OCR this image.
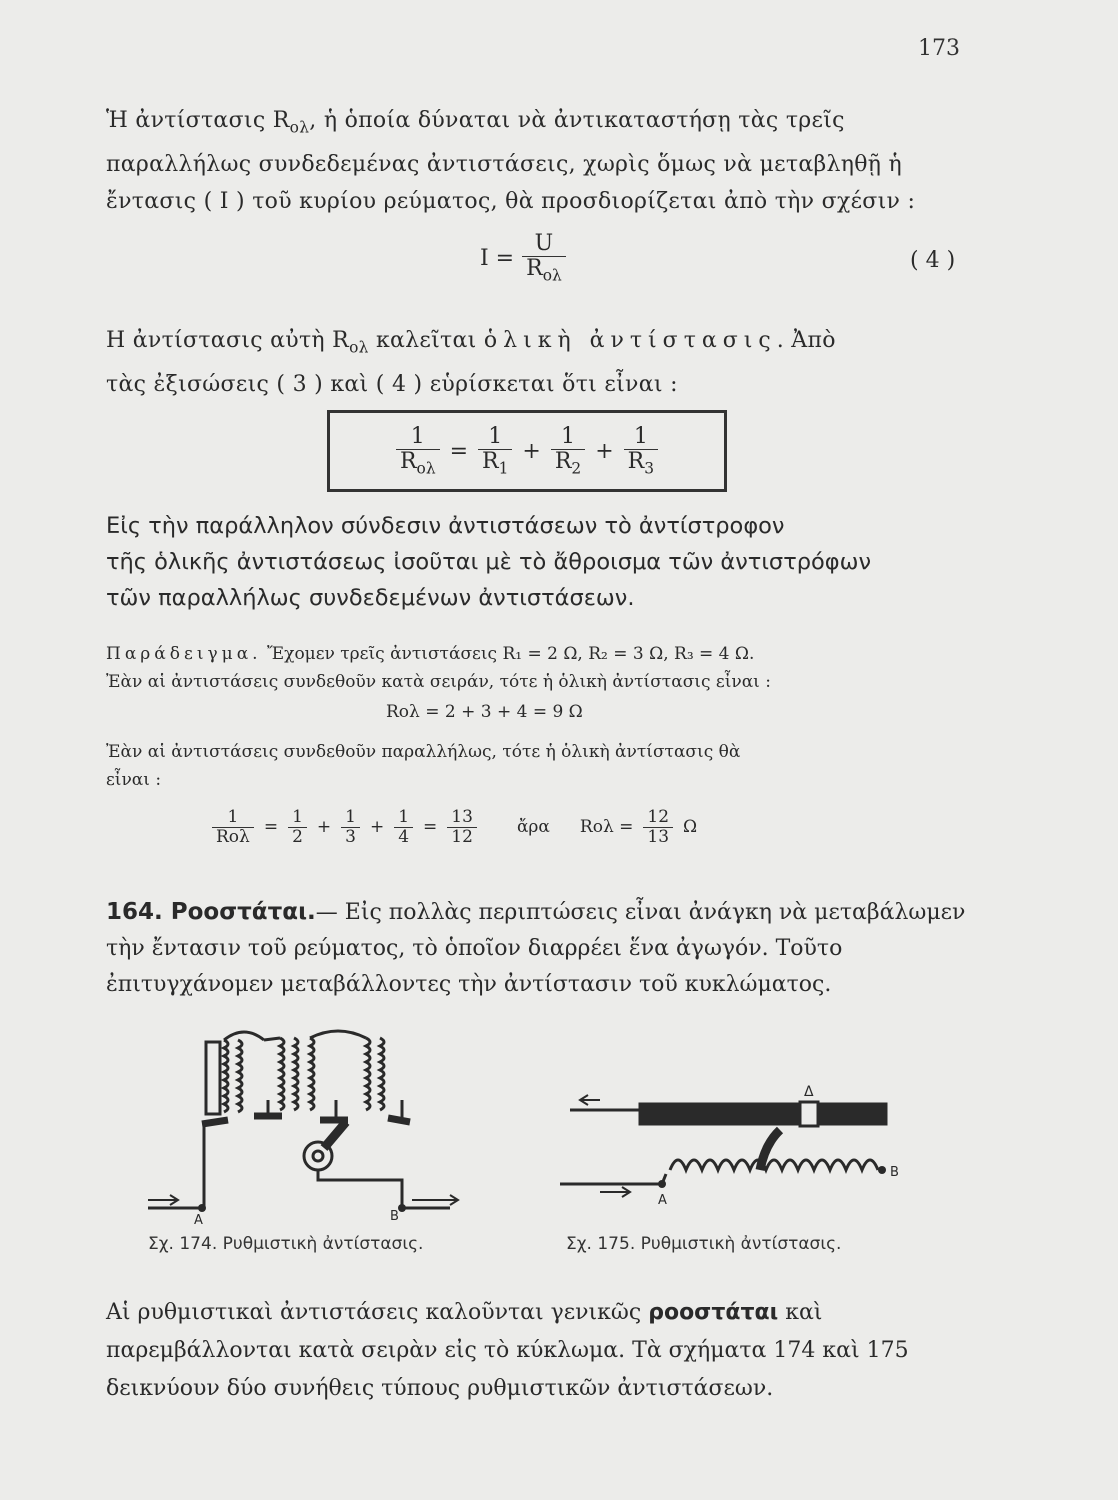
173
Ἡ ἀντίστασις $R_{o\lambda}$, ἡ ὁποία δύναται νὰ ἀντικαταστήσῃ τὰς τρεῖς
παραλλήλως συνδεδεμένας ἀντιστάσεις, χωρὶς ὅμως νὰ μεταβληθῇ ἡ
ἔντασις ( I ) τοῦ κυρίου ρεύματος, θὰ προσδιορίζεται ἀπὸ τὴν σχέσιν :
$I = \frac{U}{R_{o\lambda}}$	( 4 )
Η ἀντίστασις αὐτὴ $R_{o\lambda}$ καλεῖται ὁλικὴ ἀντίστασις. Ἀπὸ
τὰς ἐξισώσεις ( 3 ) καὶ ( 4 ) εὑρίσκεται ὅτι εἶναι :
$\frac{1}{R_{o\lambda}} = \frac{1}{R_1} + \frac{1}{R_2} + \frac{1}{R_3}$
Εἰς τὴν παράλληλον σύνδεσιν ἀντιστάσεων τὸ ἀντίστροφον
τῆς ὁλικῆς ἀντιστάσεως ἰσοῦται μὲ τὸ ἄθροισμα τῶν ἀντιστρόφων
τῶν παραλλήλως συνδεδεμένων ἀντιστάσεων.
Παράδειγμα. Ἔχομεν τρεῖς ἀντιστάσεις R₁ = 2 Ω, R₂ = 3 Ω, R₃ = 4 Ω.
Ἐὰν αἱ ἀντιστάσεις συνδεθοῦν κατὰ σειράν, τότε ἡ ὁλικὴ ἀντίστασις εἶναι :
Rολ = 2 + 3 + 4 = 9 Ω
Ἐὰν αἱ ἀντιστάσεις συνδεθοῦν παραλλήλως, τότε ἡ ὁλικὴ ἀντίστασις θὰ
εἶναι :
$\frac{1}{\text{Rολ}} = \frac{1}{2} + \frac{1}{3} + \frac{1}{4} = \frac{13}{12}$ ἄρα $Ro\lambda = \frac{12}{13}$ Ω
164. Ροοστάται.— Εἰς πολλὰς περιπτώσεις εἶναι ἀνάγκη νὰ μεταβάλωμεν τὴν ἔντασιν τοῦ ρεύματος, τὸ ὁποῖον διαρρέει ἕνα ἀγωγόν. Τοῦτο ἐπιτυγχάνομεν μεταβάλλοντες τὴν ἀντίστασιν τοῦ κυκλώματος.
A	B
Σχ. 174. Ρυθμιστικὴ ἀντίστασις.
Δ
A
B
Σχ. 175. Ρυθμιστικὴ ἀντίστασις.
Αἱ ρυθμιστικαὶ ἀντιστάσεις καλοῦνται γενικῶς ροοστάται καὶ παρεμβάλλονται κατὰ σειρὰν εἰς τὸ κύκλωμα. Τὰ σχήματα 174 καὶ 175 δεικνύουν δύο συνήθεις τύπους ρυθμιστικῶν ἀντιστάσεων.
